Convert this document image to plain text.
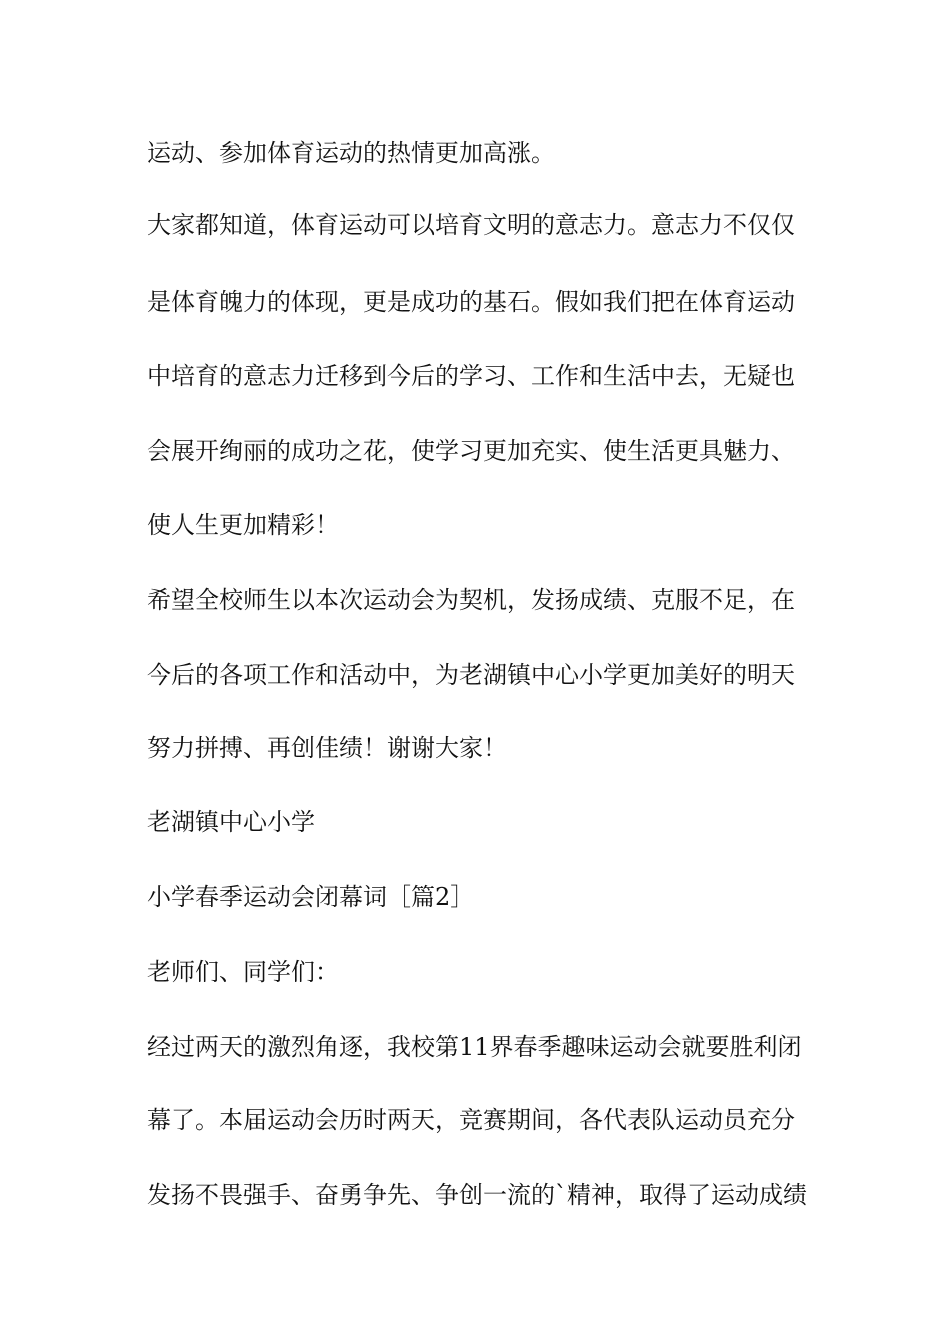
运动、参加体育运动的热情更加高涨。
大家都知道，体育运动可以培育文明的意志力。意志力不仅仅
是体育魄力的体现，更是成功的基石。假如我们把在体育运动
中培育的意志力迁移到今后的学习、工作和生活中去，无疑也
会展开绚丽的成功之花，使学习更加充实、使生活更具魅力、
使人生更加精彩！
希望全校师生以本次运动会为契机，发扬成绩、克服不足，在
今后的各项工作和活动中，为老湖镇中心小学更加美好的明天
努力拼搏、再创佳绩！谢谢大家！
老湖镇中心小学
小学春季运动会闭幕词［篇2］
老师们、同学们：
经过两天的激烈角逐，我校第11界春季趣味运动会就要胜利闭
幕了。本届运动会历时两天，竞赛期间，各代表队运动员充分
发扬不畏强手、奋勇争先、争创一流的`精神，取得了运动成绩
